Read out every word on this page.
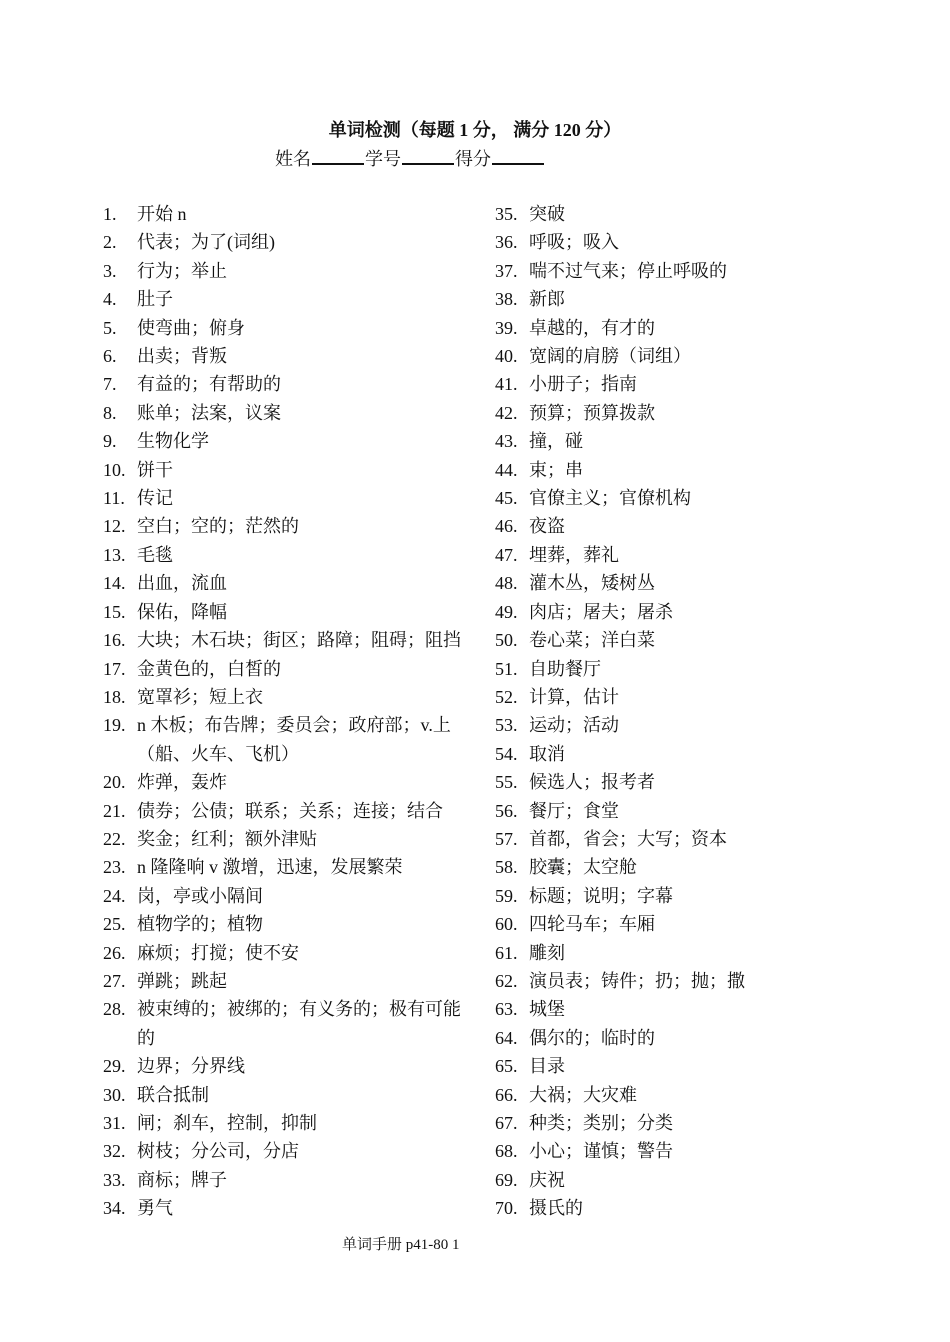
单词检测（每题 1 分， 满分 120 分）
姓名	学号	得分
1.	开始 n
2.	代表；为了(词组)
3.	行为；举止
4.	肚子
5.	使弯曲；俯身
6.	出卖；背叛
7.	有益的；有帮助的
8.	账单；法案，议案
9.	生物化学
10. 饼干
11. 传记
12. 空白；空的；茫然的
13. 毛毯
14. 出血，流血
15. 保佑，降幅
16. 大块；木石块；街区；路障；阻碍；阻挡
17. 金黄色的，白皙的
18. 宽罩衫；短上衣
19. n 木板；布告牌；委员会；政府部；v.上（船、火车、飞机）
20. 炸弹，轰炸
21. 债券；公债；联系；关系；连接；结合
22. 奖金；红利；额外津贴
23. n 隆隆响 v 激增，迅速，发展繁荣
24. 岗，亭或小隔间
25. 植物学的；植物
26. 麻烦；打搅；使不安
27. 弹跳；跳起
28. 被束缚的；被绑的；有义务的；极有可能的
29. 边界；分界线
30. 联合抵制
31. 闸；刹车，控制，抑制
32. 树枝；分公司，分店
33. 商标；牌子
34. 勇气
35. 突破
36. 呼吸；吸入
37. 喘不过气来；停止呼吸的
38. 新郎
39. 卓越的，有才的
40. 宽阔的肩膀（词组）
41. 小册子；指南
42. 预算；预算拨款
43. 撞，碰
44. 束；串
45. 官僚主义；官僚机构
46. 夜盗
47. 埋葬，葬礼
48. 灌木丛，矮树丛
49. 肉店；屠夫；屠杀
50. 卷心菜；洋白菜
51. 自助餐厅
52. 计算，估计
53. 运动；活动
54. 取消
55. 候选人；报考者
56. 餐厅；食堂
57. 首都，省会；大写；资本
58. 胶囊；太空舱
59. 标题；说明；字幕
60. 四轮马车；车厢
61. 雕刻
62. 演员表；铸件；扔；抛；撒
63. 城堡
64. 偶尔的；临时的
65. 目录
66. 大祸；大灾难
67. 种类；类别；分类
68. 小心；谨慎；警告
69. 庆祝
70. 摄氏的
单词手册 p41-80 1
